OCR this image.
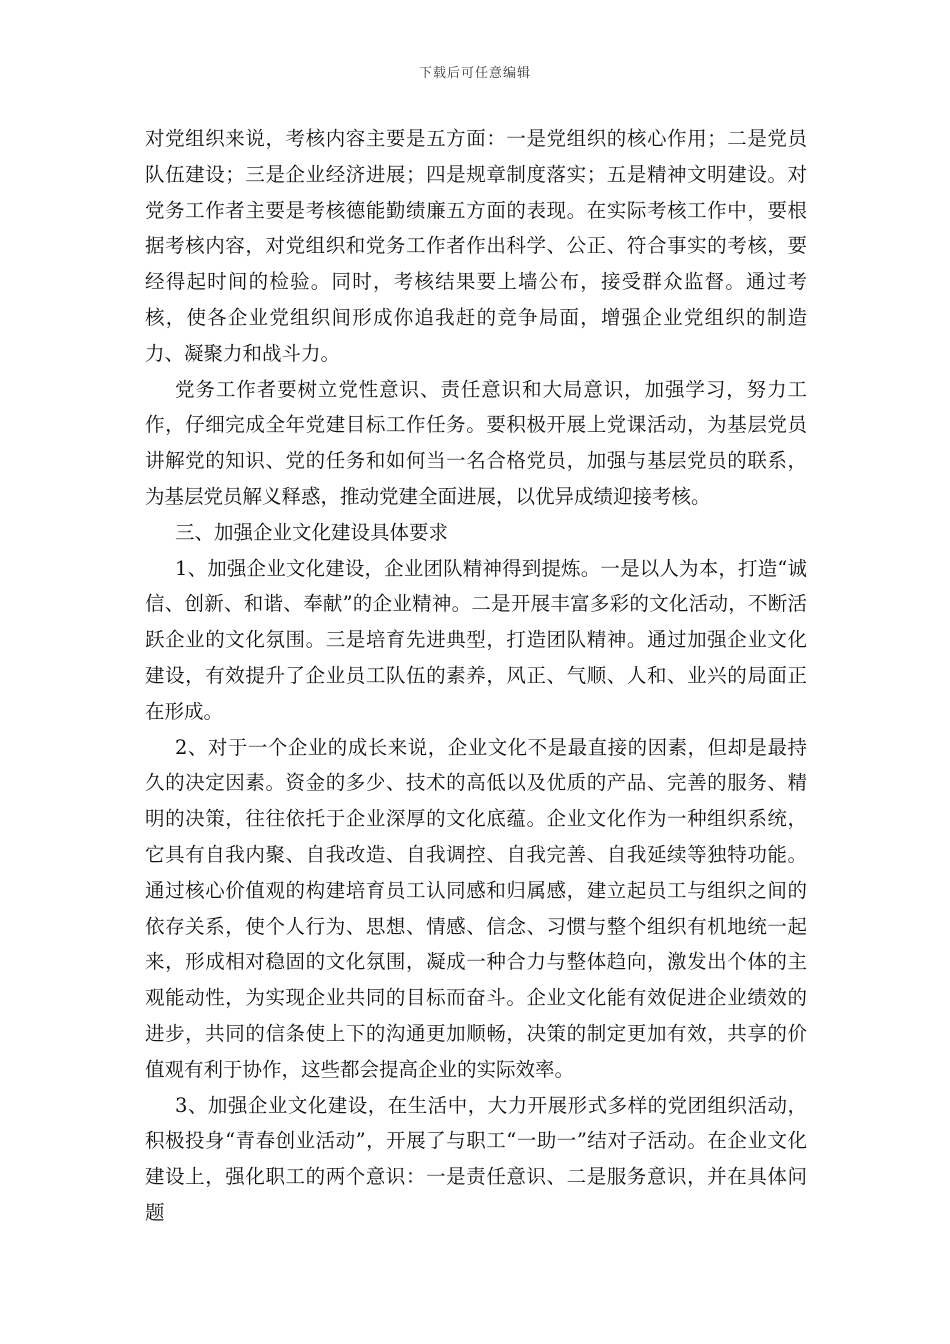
下载后可任意编辑

对党组织来说，考核内容主要是五方面：一是党组织的核心作用；二是党员队伍建设；三是企业经济进展；四是规章制度落实；五是精神文明建设。对党务工作者主要是考核德能勤绩廉五方面的表现。在实际考核工作中，要根据考核内容，对党组织和党务工作者作出科学、公正、符合事实的考核，要经得起时间的检验。同时，考核结果要上墙公布，接受群众监督。通过考核，使各企业党组织间形成你追我赶的竞争局面，增强企业党组织的制造力、凝聚力和战斗力。

党务工作者要树立党性意识、责任意识和大局意识，加强学习，努力工作，仔细完成全年党建目标工作任务。要积极开展上党课活动，为基层党员讲解党的知识、党的任务和如何当一名合格党员，加强与基层党员的联系，为基层党员解义释惑，推动党建全面进展，以优异成绩迎接考核。

三、加强企业文化建设具体要求

1、加强企业文化建设，企业团队精神得到提炼。一是以人为本，打造“诚信、创新、和谐、奉献”的企业精神。二是开展丰富多彩的文化活动，不断活跃企业的文化氛围。三是培育先进典型，打造团队精神。通过加强企业文化建设，有效提升了企业员工队伍的素养，风正、气顺、人和、业兴的局面正在形成。

2、对于一个企业的成长来说，企业文化不是最直接的因素，但却是最持久的决定因素。资金的多少、技术的高低以及优质的产品、完善的服务、精明的决策，往往依托于企业深厚的文化底蕴。企业文化作为一种组织系统，它具有自我内聚、自我改造、自我调控、自我完善、自我延续等独特功能。通过核心价值观的构建培育员工认同感和归属感，建立起员工与组织之间的依存关系，使个人行为、思想、情感、信念、习惯与整个组织有机地统一起来，形成相对稳固的文化氛围，凝成一种合力与整体趋向，激发出个体的主观能动性，为实现企业共同的目标而奋斗。企业文化能有效促进企业绩效的进步，共同的信条使上下的沟通更加顺畅，决策的制定更加有效，共享的价值观有利于协作，这些都会提高企业的实际效率。

3、加强企业文化建设，在生活中，大力开展形式多样的党团组织活动，积极投身“青春创业活动”，开展了与职工“一助一”结对子活动。在企业文化建设上，强化职工的两个意识：一是责任意识、二是服务意识，并在具体问题
